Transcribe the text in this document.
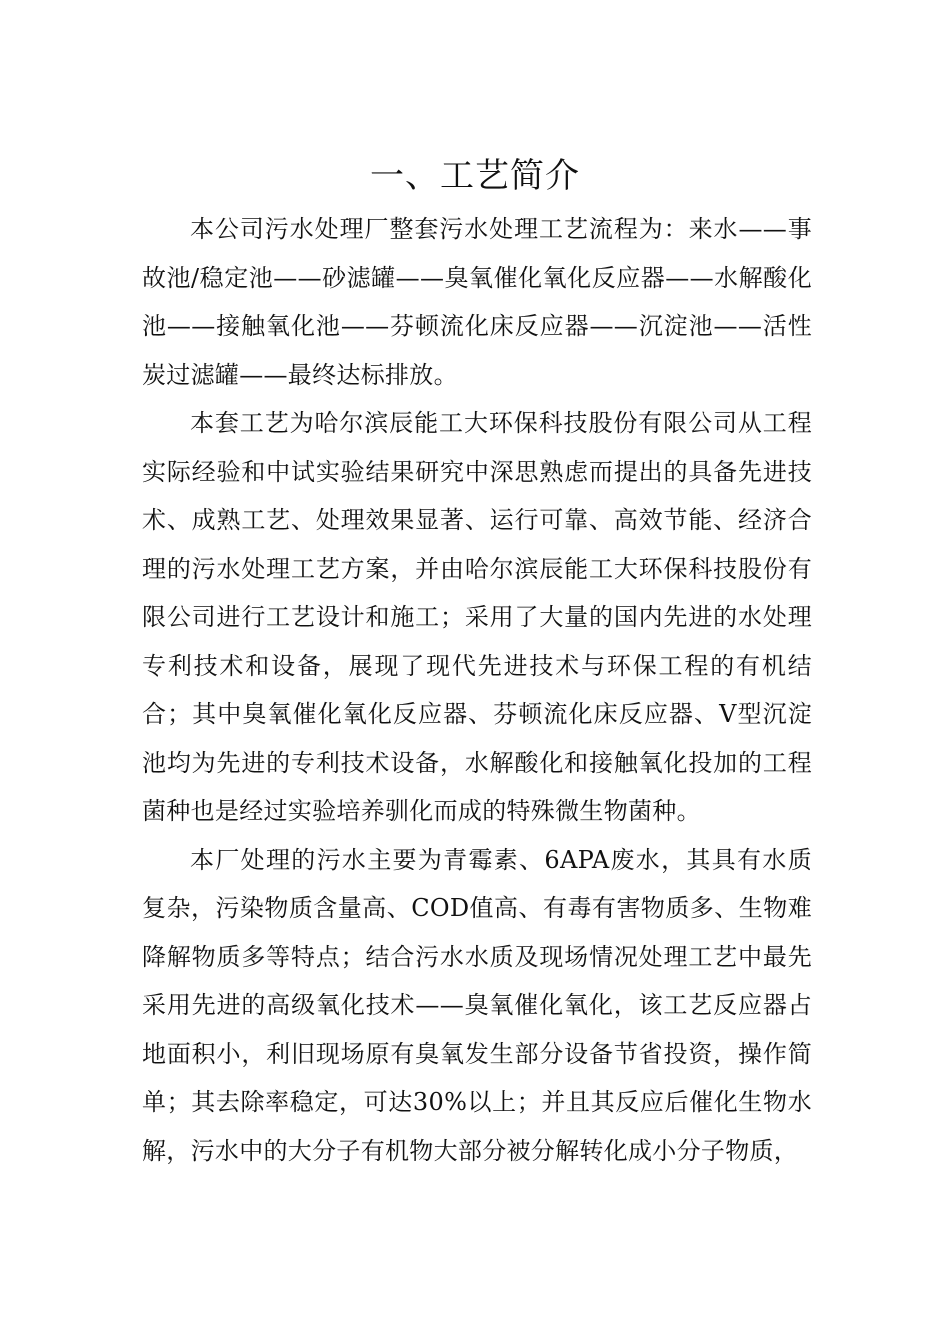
一、工艺简介

本公司污水处理厂整套污水处理工艺流程为：来水——事故池/稳定池——砂滤罐——臭氧催化氧化反应器——水解酸化池——接触氧化池——芬顿流化床反应器——沉淀池——活性炭过滤罐——最终达标排放。

本套工艺为哈尔滨辰能工大环保科技股份有限公司从工程实际经验和中试实验结果研究中深思熟虑而提出的具备先进技术、成熟工艺、处理效果显著、运行可靠、高效节能、经济合理的污水处理工艺方案，并由哈尔滨辰能工大环保科技股份有限公司进行工艺设计和施工；采用了大量的国内先进的水处理专利技术和设备，展现了现代先进技术与环保工程的有机结合；其中臭氧催化氧化反应器、芬顿流化床反应器、V型沉淀池均为先进的专利技术设备，水解酸化和接触氧化投加的工程菌种也是经过实验培养驯化而成的特殊微生物菌种。

本厂处理的污水主要为青霉素、6APA废水，其具有水质复杂，污染物质含量高、COD值高、有毒有害物质多、生物难降解物质多等特点；结合污水水质及现场情况处理工艺中最先采用先进的高级氧化技术——臭氧催化氧化，该工艺反应器占地面积小，利旧现场原有臭氧发生部分设备节省投资，操作简单；其去除率稳定，可达30%以上；并且其反应后催化生物水解，污水中的大分子有机物大部分被分解转化成小分子物质，
